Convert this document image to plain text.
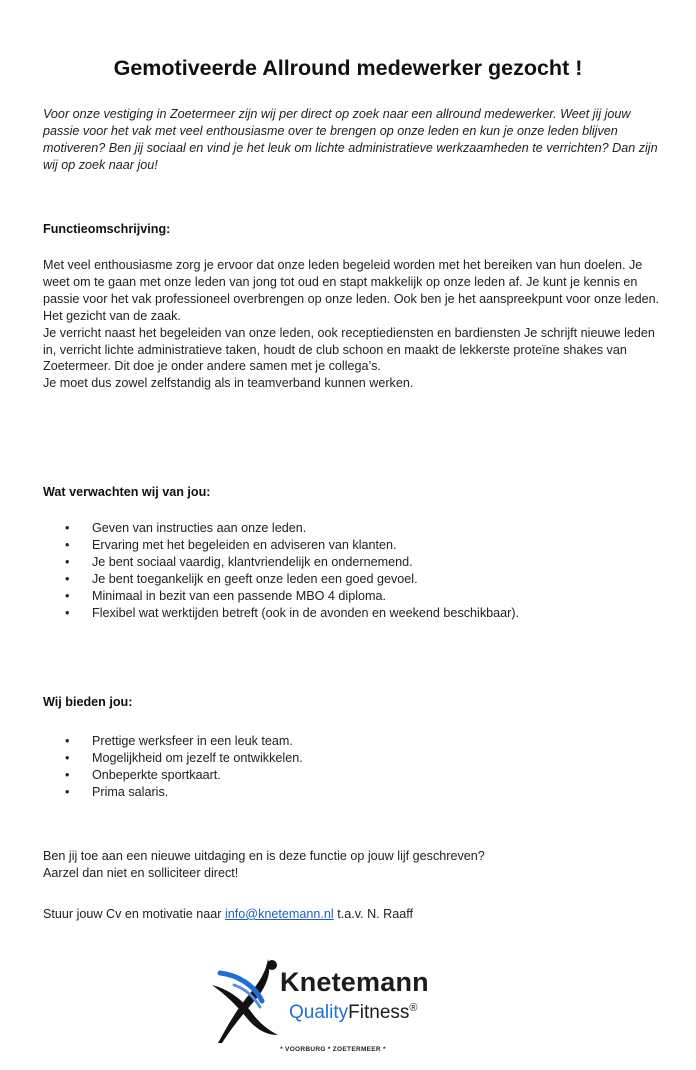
Gemotiveerde Allround medewerker gezocht !

Voor onze vestiging in Zoetermeer zijn wij per direct op zoek naar een allround medewerker. Weet jij jouw passie voor het vak met veel enthousiasme over te brengen op onze leden en kun je onze leden blijven motiveren? Ben jij sociaal en vind je het leuk om lichte administratieve werkzaamheden te verrichten? Dan zijn wij op zoek naar jou!

Functieomschrijving:

Met veel enthousiasme zorg je ervoor dat onze leden begeleid worden met het bereiken van hun doelen. Je weet om te gaan met onze leden van jong tot oud en stapt makkelijk op onze leden af. Je kunt je kennis en passie voor het vak professioneel overbrengen op onze leden. Ook ben je het aanspreekpunt voor onze leden. Het gezicht van de zaak.

Je verricht naast het begeleiden van onze leden, ook receptiediensten en bardiensten Je schrijft nieuwe leden in, verricht lichte administratieve taken, houdt de club schoon en maakt de lekkerste proteïne shakes van Zoetermeer. Dit doe je onder andere samen met je collega’s.

Je moet dus zowel zelfstandig als in teamverband kunnen werken.

Wat verwachten wij van jou:
• Geven van instructies aan onze leden.
• Ervaring met het begeleiden en adviseren van klanten.
• Je bent sociaal vaardig, klantvriendelijk en ondernemend.
• Je bent toegankelijk en geeft onze leden een goed gevoel.
• Minimaal in bezit van een passende MBO 4 diploma.
• Flexibel wat werktijden betreft (ook in de avonden en weekend beschikbaar).
Wij bieden jou:
• Prettige werksfeer in een leuk team.
• Mogelijkheid om jezelf te ontwikkelen.
• Onbeperkte sportkaart.
• Prima salaris.

Ben jij toe aan een nieuwe uitdaging en is deze functie op jouw lijf geschreven?

Aarzel dan niet en solliciteer direct!

Stuur jouw Cv en motivatie naar info@knetemann.nl t.a.v. N. Raaff
Knetemann
QualityFitness®
* VOORBURG * ZOETERMEER *
